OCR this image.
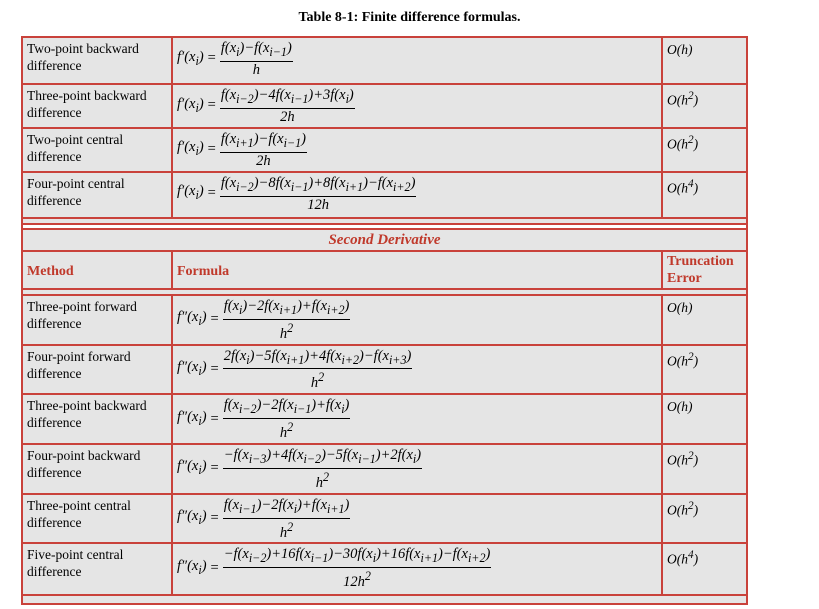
Table 8-1: Finite difference formulas.
Two-point backward difference	$f'(x_i) = \frac{f(x_i)-f(x_{i-1})}{h}$	O(h)
Three-point backward difference	$f'(x_i) = \frac{f(x_{i-2})-4f(x_{i-1})+3f(x_i)}{2h}$	$O(h^2)$
Two-point central difference	$f'(x_i) = \frac{f(x_{i+1})-f(x_{i-1})}{2h}$	$O(h^2)$
Four-point central difference	$f'(x_i) = \frac{f(x_{i-2})-8f(x_{i-1})+8f(x_{i+1})-f(x_{i+2})}{12h}$	$O(h^4)$

Second Derivative		
Method	Formula	Truncation Error

Three-point forward difference	$f''(x_i) = \frac{f(x_i)-2f(x_{i+1})+f(x_{i+2})}{h^2}$	O(h)
Four-point forward difference	$f''(x_i) = \frac{2f(x_i)-5f(x_{i+1})+4f(x_{i+2})-f(x_{i+3})}{h^2}$	$O(h^2)$
Three-point backward difference	$f''(x_i) = \frac{f(x_{i-2})-2f(x_{i-1})+f(x_i)}{h^2}$	O(h)
Four-point backward difference	$f''(x_i) = \frac{-f(x_{i-3})+4f(x_{i-2})-5f(x_{i-1})+2f(x_i)}{h^2}$	$O(h^2)$
Three-point central difference	$f''(x_i) = \frac{f(x_{i-1})-2f(x_i)+f(x_{i+1})}{h^2}$	$O(h^2)$
Five-point central difference	$f''(x_i) = \frac{-f(x_{i-2})+16f(x_{i-1})-30f(x_i)+16f(x_{i+1})-f(x_{i+2})}{12h^2}$	$O(h^4)$
